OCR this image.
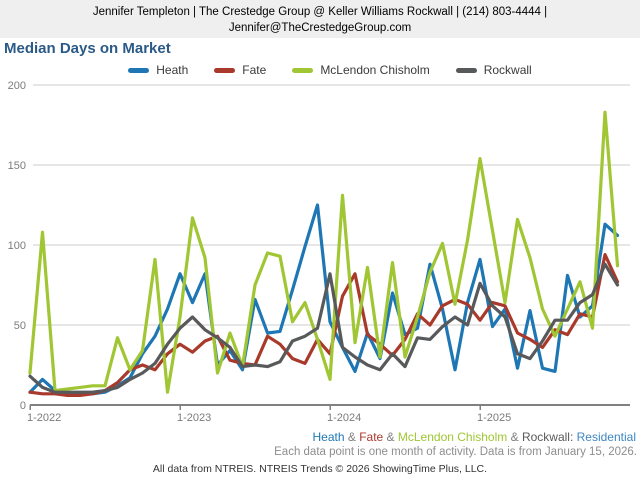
Jennifer Templeton | The Crestedge Group @ Keller Williams Rockwall | (214) 803-4444 |
Jennifer@TheCrestedgeGroup.com
Median Days on Market
Heath	Fate	McLendon Chisholm	Rockwall
0
50
100
150
200
1-2022	1-2023	1-2024	1-2025
Heath & Fate & McLendon Chisholm & Rockwall: Residential
Each data point is one month of activity. Data is from January 15, 2026.
All data from NTREIS. NTREIS Trends © 2026 ShowingTime Plus, LLC.
